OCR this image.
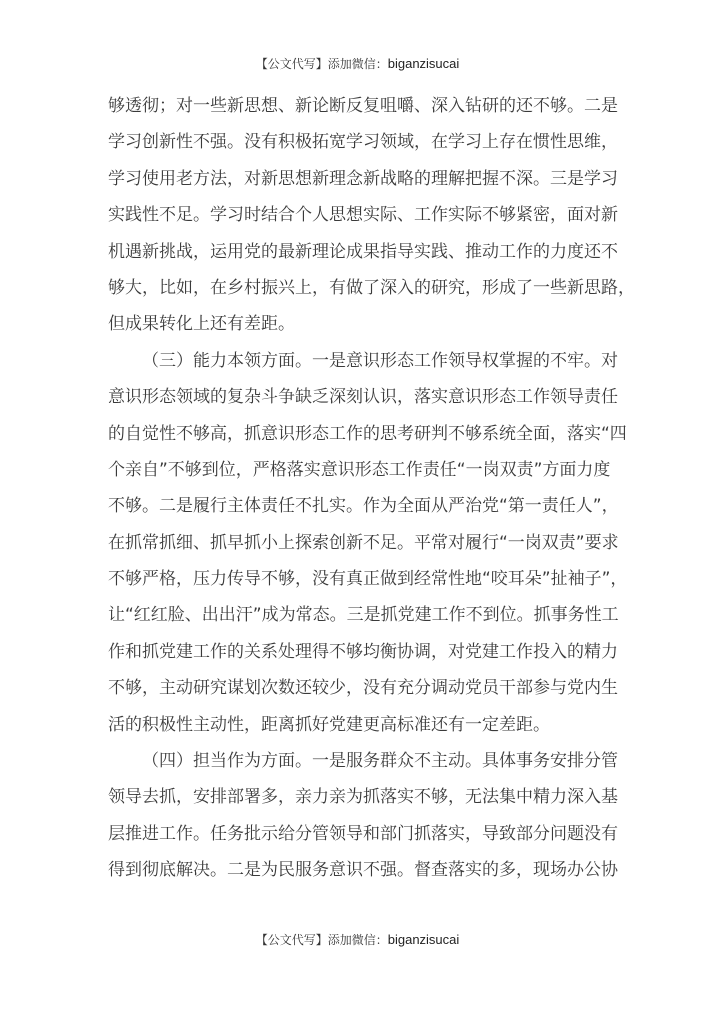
【公文代写】添加微信：biganzisucai
够透彻；对一些新思想、新论断反复咀嚼、深入钻研的还不够。二是
学习创新性不强。没有积极拓宽学习领域，在学习上存在惯性思维，
学习使用老方法，对新思想新理念新战略的理解把握不深。三是学习
实践性不足。学习时结合个人思想实际、工作实际不够紧密，面对新
机遇新挑战，运用党的最新理论成果指导实践、推动工作的力度还不
够大，比如，在乡村振兴上，有做了深入的研究，形成了一些新思路，
但成果转化上还有差距。
（三）能力本领方面。一是意识形态工作领导权掌握的不牢。对
意识形态领域的复杂斗争缺乏深刻认识，落实意识形态工作领导责任
的自觉性不够高，抓意识形态工作的思考研判不够系统全面，落实“四
个亲自”不够到位，严格落实意识形态工作责任“一岗双责”方面力度
不够。二是履行主体责任不扎实。作为全面从严治党“第一责任人”，
在抓常抓细、抓早抓小上探索创新不足。平常对履行“一岗双责”要求
不够严格，压力传导不够，没有真正做到经常性地“咬耳朵”扯袖子”，
让“红红脸、出出汗”成为常态。三是抓党建工作不到位。抓事务性工
作和抓党建工作的关系处理得不够均衡协调，对党建工作投入的精力
不够，主动研究谋划次数还较少，没有充分调动党员干部参与党内生
活的积极性主动性，距离抓好党建更高标准还有一定差距。
（四）担当作为方面。一是服务群众不主动。具体事务安排分管
领导去抓，安排部署多，亲力亲为抓落实不够，无法集中精力深入基
层推进工作。任务批示给分管领导和部门抓落实，导致部分问题没有
得到彻底解决。二是为民服务意识不强。督查落实的多，现场办公协
【公文代写】添加微信：biganzisucai
